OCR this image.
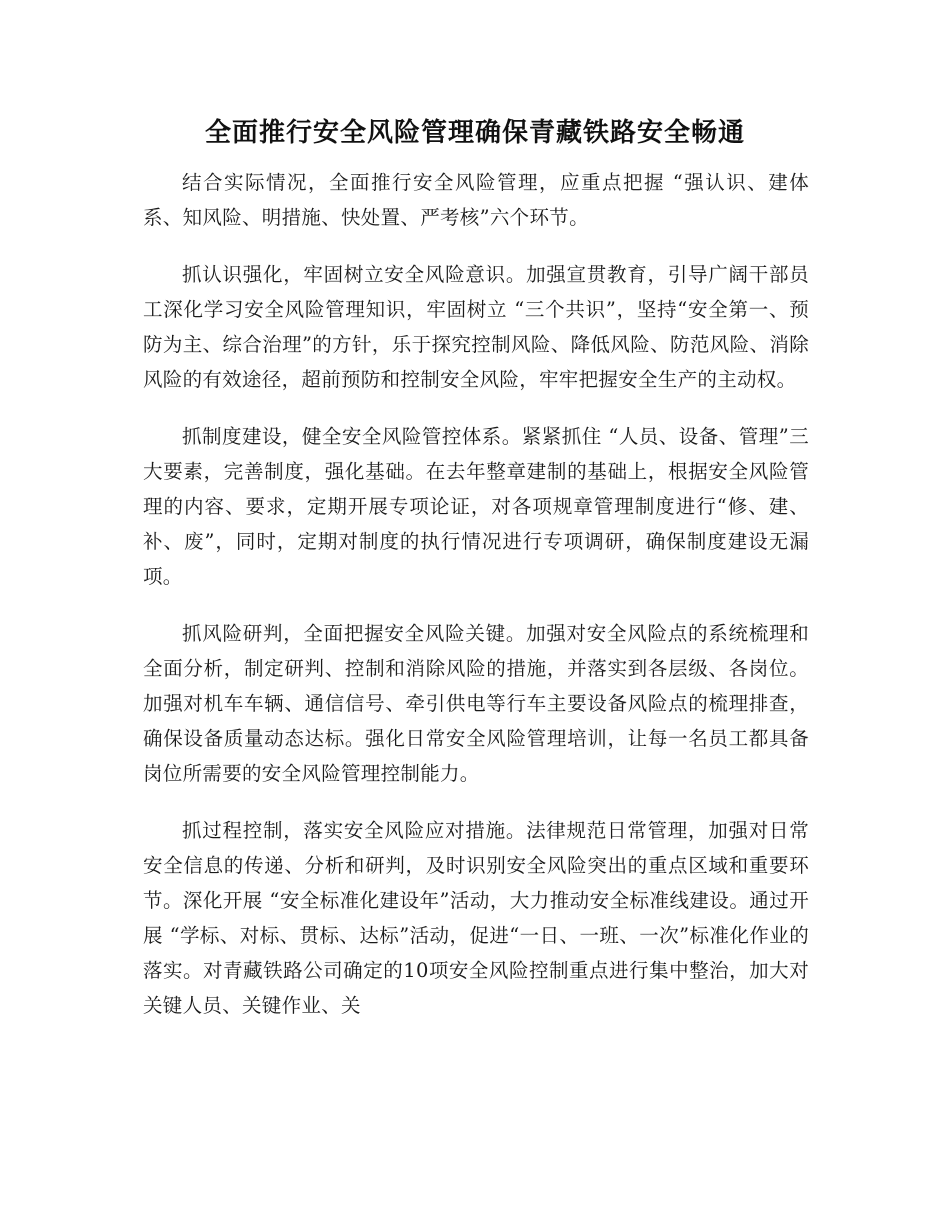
全面推行安全风险管理确保青藏铁路安全畅通

结合实际情况，全面推行安全风险管理，应重点把握 “强认识、建体系、知风险、明措施、快处置、严考核”六个环节。

抓认识强化，牢固树立安全风险意识。加强宣贯教育，引导广阔干部员工深化学习安全风险管理知识，牢固树立 “三个共识”，坚持“安全第一、预防为主、综合治理”的方针，乐于探究控制风险、降低风险、防范风险、消除风险的有效途径，超前预防和控制安全风险，牢牢把握安全生产的主动权。

抓制度建设，健全安全风险管控体系。紧紧抓住 “人员、设备、管理”三大要素，完善制度，强化基础。在去年整章建制的基础上，根据安全风险管理的内容、要求，定期开展专项论证，对各项规章管理制度进行“修、建、补、废”，同时，定期对制度的执行情况进行专项调研，确保制度建设无漏项。

抓风险研判，全面把握安全风险关键。加强对安全风险点的系统梳理和全面分析，制定研判、控制和消除风险的措施，并落实到各层级、各岗位。加强对机车车辆、通信信号、牵引供电等行车主要设备风险点的梳理排查，确保设备质量动态达标。强化日常安全风险管理培训，让每一名员工都具备岗位所需要的安全风险管理控制能力。

抓过程控制，落实安全风险应对措施。法律规范日常管理，加强对日常安全信息的传递、分析和研判，及时识别安全风险突出的重点区域和重要环节。深化开展 “安全标准化建设年”活动，大力推动安全标准线建设。通过开展 “学标、对标、贯标、达标”活动，促进“一日、一班、一次”标准化作业的落实。对青藏铁路公司确定的10项安全风险控制重点进行集中整治，加大对关键人员、关键作业、关
